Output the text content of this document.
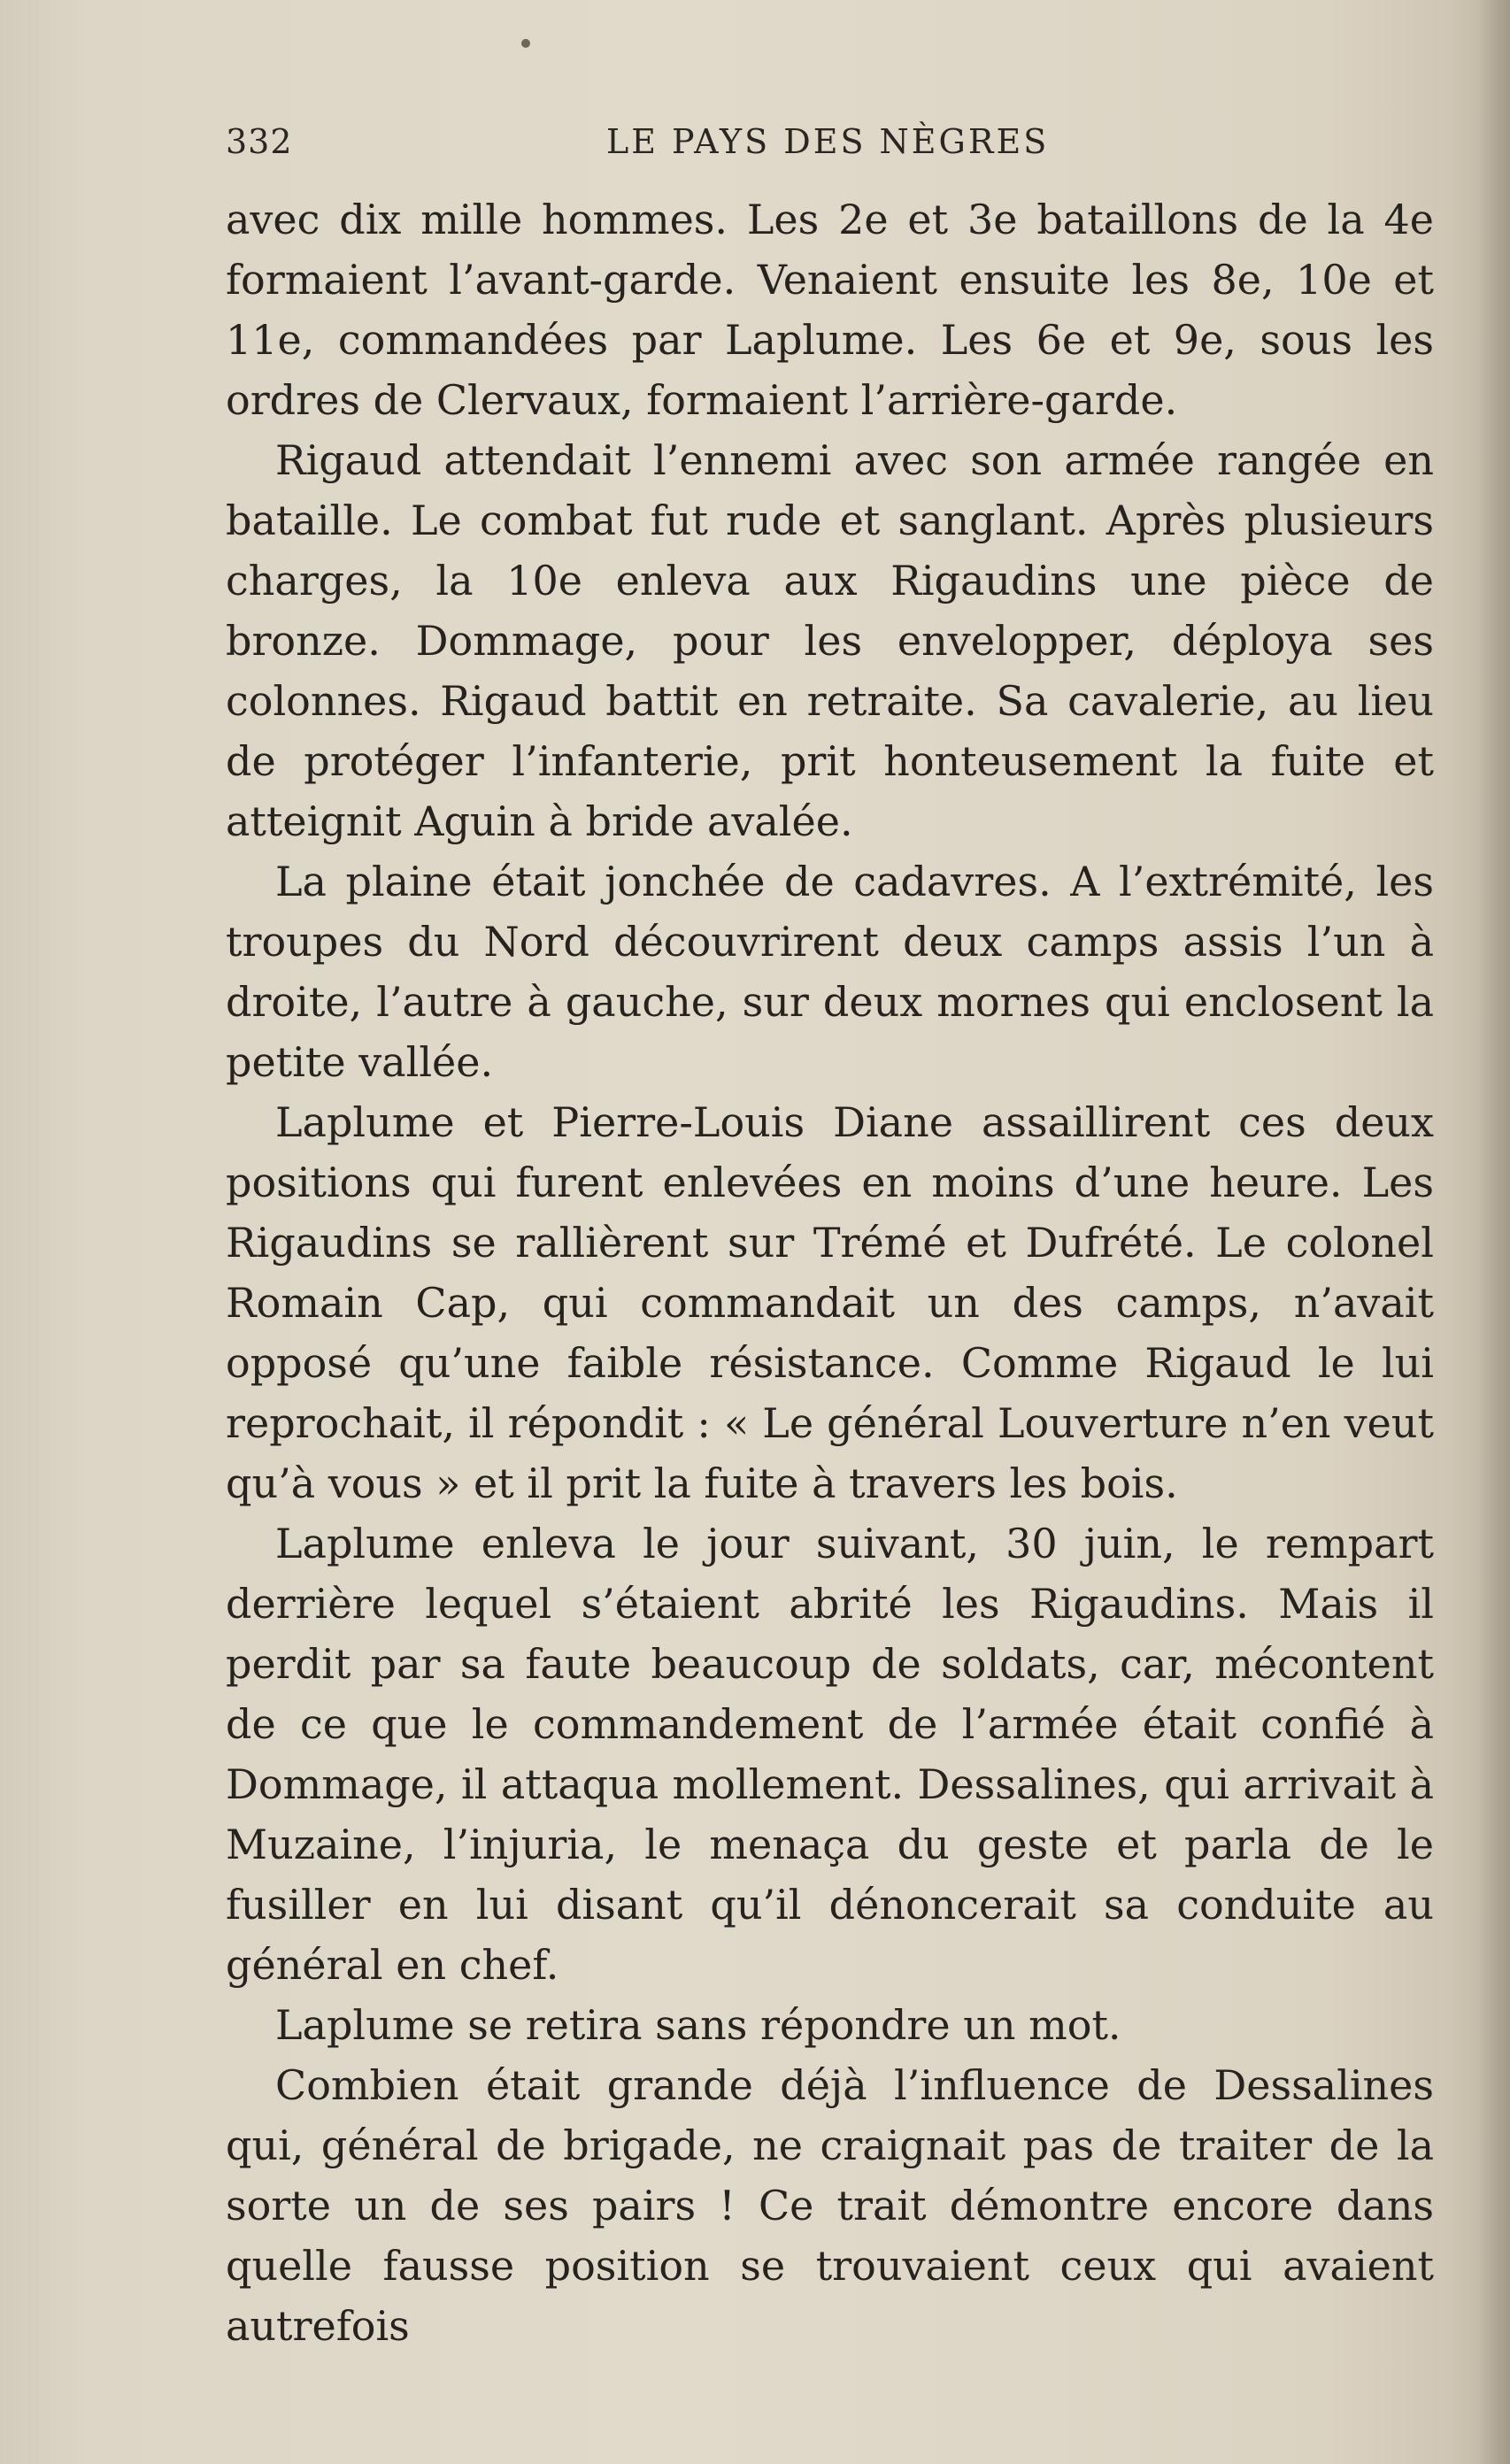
332	LE PAYS DES NÈGRES

avec dix mille hommes. Les 2e et 3e bataillons de la 4e formaient l’avant-garde. Venaient ensuite les 8e, 10e et 11e, commandées par Laplume. Les 6e et 9e, sous les ordres de Clervaux, formaient l’arrière-garde.

Rigaud attendait l’ennemi avec son armée rangée en bataille. Le combat fut rude et sanglant. Après plusieurs charges, la 10e enleva aux Rigaudins une pièce de bronze. Dommage, pour les envelopper, déploya ses colonnes. Rigaud battit en retraite. Sa cavalerie, au lieu de protéger l’infanterie, prit honteusement la fuite et atteignit Aguin à bride avalée.

La plaine était jonchée de cadavres. A l’extrémité, les troupes du Nord découvrirent deux camps assis l’un à droite, l’autre à gauche, sur deux mornes qui enclosent la petite vallée.

Laplume et Pierre-Louis Diane assaillirent ces deux positions qui furent enlevées en moins d’une heure. Les Rigaudins se rallièrent sur Trémé et Dufrété. Le colonel Romain Cap, qui commandait un des camps, n’avait opposé qu’une faible résistance. Comme Rigaud le lui reprochait, il répondit : « Le général Louverture n’en veut qu’à vous » et il prit la fuite à travers les bois.

Laplume enleva le jour suivant, 30 juin, le rempart derrière lequel s’étaient abrité les Rigaudins. Mais il perdit par sa faute beaucoup de soldats, car, mécontent de ce que le commandement de l’armée était confié à Dommage, il attaqua mollement. Dessalines, qui arrivait à Muzaine, l’injuria, le menaça du geste et parla de le fusiller en lui disant qu’il dénoncerait sa conduite au général en chef.

Laplume se retira sans répondre un mot.

Combien était grande déjà l’influence de Dessalines qui, général de brigade, ne craignait pas de traiter de la sorte un de ses pairs ! Ce trait démontre encore dans quelle fausse position se trouvaient ceux qui avaient autrefois
